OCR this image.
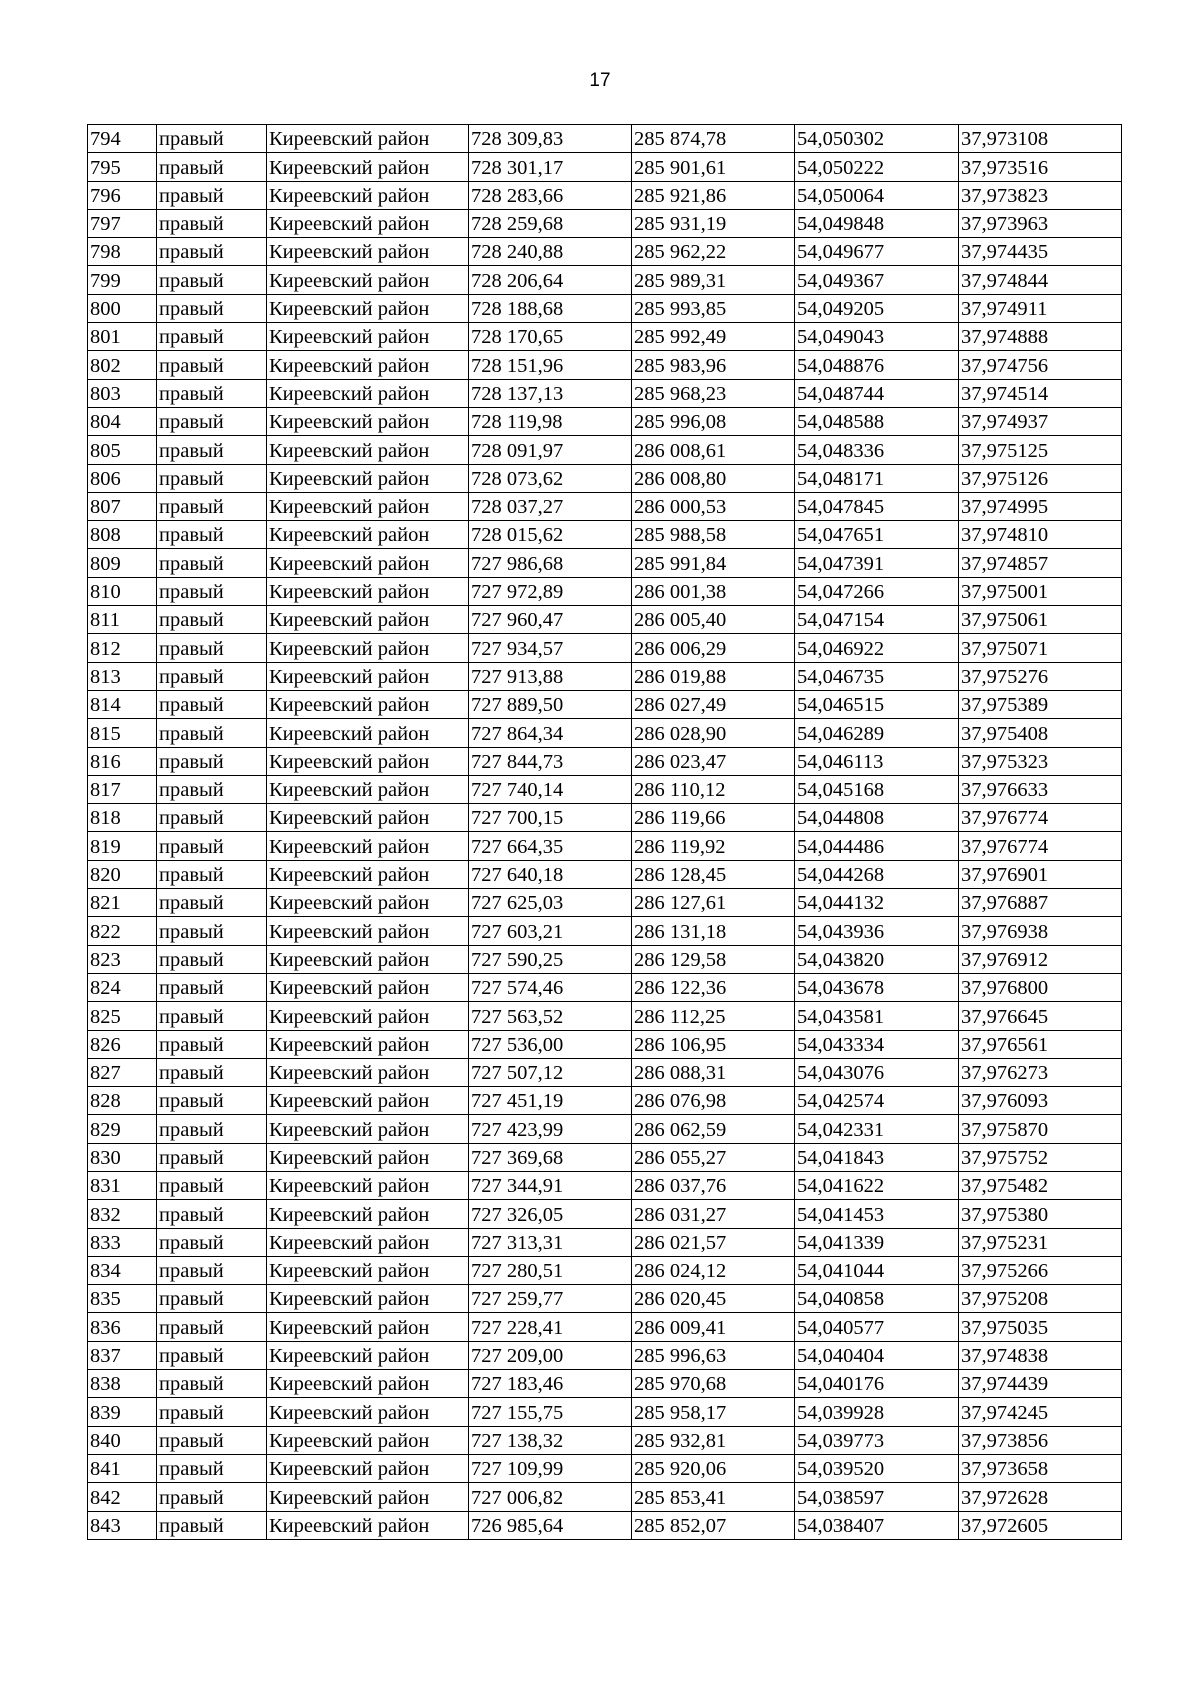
17
794	правый	Киреевский район	728 309,83	285 874,78	54,050302	37,973108
795	правый	Киреевский район	728 301,17	285 901,61	54,050222	37,973516
796	правый	Киреевский район	728 283,66	285 921,86	54,050064	37,973823
797	правый	Киреевский район	728 259,68	285 931,19	54,049848	37,973963
798	правый	Киреевский район	728 240,88	285 962,22	54,049677	37,974435
799	правый	Киреевский район	728 206,64	285 989,31	54,049367	37,974844
800	правый	Киреевский район	728 188,68	285 993,85	54,049205	37,974911
801	правый	Киреевский район	728 170,65	285 992,49	54,049043	37,974888
802	правый	Киреевский район	728 151,96	285 983,96	54,048876	37,974756
803	правый	Киреевский район	728 137,13	285 968,23	54,048744	37,974514
804	правый	Киреевский район	728 119,98	285 996,08	54,048588	37,974937
805	правый	Киреевский район	728 091,97	286 008,61	54,048336	37,975125
806	правый	Киреевский район	728 073,62	286 008,80	54,048171	37,975126
807	правый	Киреевский район	728 037,27	286 000,53	54,047845	37,974995
808	правый	Киреевский район	728 015,62	285 988,58	54,047651	37,974810
809	правый	Киреевский район	727 986,68	285 991,84	54,047391	37,974857
810	правый	Киреевский район	727 972,89	286 001,38	54,047266	37,975001
811	правый	Киреевский район	727 960,47	286 005,40	54,047154	37,975061
812	правый	Киреевский район	727 934,57	286 006,29	54,046922	37,975071
813	правый	Киреевский район	727 913,88	286 019,88	54,046735	37,975276
814	правый	Киреевский район	727 889,50	286 027,49	54,046515	37,975389
815	правый	Киреевский район	727 864,34	286 028,90	54,046289	37,975408
816	правый	Киреевский район	727 844,73	286 023,47	54,046113	37,975323
817	правый	Киреевский район	727 740,14	286 110,12	54,045168	37,976633
818	правый	Киреевский район	727 700,15	286 119,66	54,044808	37,976774
819	правый	Киреевский район	727 664,35	286 119,92	54,044486	37,976774
820	правый	Киреевский район	727 640,18	286 128,45	54,044268	37,976901
821	правый	Киреевский район	727 625,03	286 127,61	54,044132	37,976887
822	правый	Киреевский район	727 603,21	286 131,18	54,043936	37,976938
823	правый	Киреевский район	727 590,25	286 129,58	54,043820	37,976912
824	правый	Киреевский район	727 574,46	286 122,36	54,043678	37,976800
825	правый	Киреевский район	727 563,52	286 112,25	54,043581	37,976645
826	правый	Киреевский район	727 536,00	286 106,95	54,043334	37,976561
827	правый	Киреевский район	727 507,12	286 088,31	54,043076	37,976273
828	правый	Киреевский район	727 451,19	286 076,98	54,042574	37,976093
829	правый	Киреевский район	727 423,99	286 062,59	54,042331	37,975870
830	правый	Киреевский район	727 369,68	286 055,27	54,041843	37,975752
831	правый	Киреевский район	727 344,91	286 037,76	54,041622	37,975482
832	правый	Киреевский район	727 326,05	286 031,27	54,041453	37,975380
833	правый	Киреевский район	727 313,31	286 021,57	54,041339	37,975231
834	правый	Киреевский район	727 280,51	286 024,12	54,041044	37,975266
835	правый	Киреевский район	727 259,77	286 020,45	54,040858	37,975208
836	правый	Киреевский район	727 228,41	286 009,41	54,040577	37,975035
837	правый	Киреевский район	727 209,00	285 996,63	54,040404	37,974838
838	правый	Киреевский район	727 183,46	285 970,68	54,040176	37,974439
839	правый	Киреевский район	727 155,75	285 958,17	54,039928	37,974245
840	правый	Киреевский район	727 138,32	285 932,81	54,039773	37,973856
841	правый	Киреевский район	727 109,99	285 920,06	54,039520	37,973658
842	правый	Киреевский район	727 006,82	285 853,41	54,038597	37,972628
843	правый	Киреевский район	726 985,64	285 852,07	54,038407	37,972605
